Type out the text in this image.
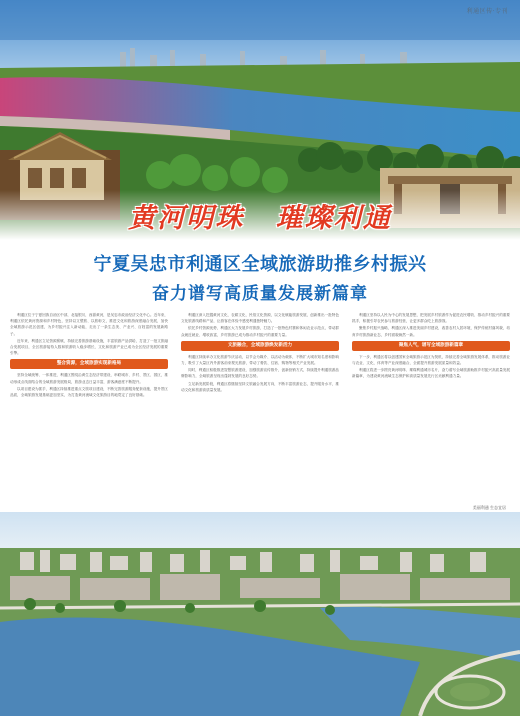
利通区传·专刊
黄河明珠 璀璨利通
宁夏吴忠市利通区全域旅游助推乡村振兴
奋力谱写高质量发展新篇章

利通区位于宁夏回族自治区中部，北接银川，西靠黄河，是吴忠市政治经济文化中心。近年来，利通区依托黄河资源和乡村特色，坚持以文塑旅、以旅彰文，推进文化和旅游深度融合发展，加快全域旅游示范区创建，为乡村振兴注入新动能，走出了一条生态美、产业兴、百姓富的发展新路子。

近年来，利通区立足资源禀赋，持续完善旅游基础设施，丰富旅游产品供给，打造了一批文旅融合发展项目，全区旅游接待人数和旅游收入稳步增长，文化和旅游产业已成为全区经济发展的重要引擎。

整合资源，全域旅游实现新格局

坚持全域统筹、一体推进，利通区围绕沿黄生态经济带建设，串联城市、乡村、景区、园区，推动形成点线面结合的全域旅游发展格局，旅游业态日益丰富，游客满意度不断提升。

以项目建设为抓手，利通区持续推进重点文旅项目建设，不断完善旅游服务配套设施，提升景区品质，全域旅游发展基础更加坚实，为打造黄河流域文化旅游目的地奠定了良好基础。

利通区深入挖掘黄河文化、农耕文化、民俗文化资源，以文化赋能旅游发展，创新推出一批特色文化旅游线路和产品，让游客在体验中感受利通独特魅力。

依托乡村资源优势，利通区大力发展乡村旅游，打造了一批特色村寨和休闲农业示范点，带动群众就近就业、增收致富，乡村旅游已成为推动乡村振兴的重要力量。

文旅融合，全域旅游焕发新活力

利通区持续举办文化旅游节庆活动，以节会为媒介、以活动为载体，不断扩大城市知名度和影响力，吸引了大量区内外游客前来观光旅游，带动了餐饮、住宿、购物等相关产业发展。

同时，利通区积极推进智慧旅游建设，加强旅游宣传推介，创新营销方式，持续提升利通旅游品牌影响力，全域旅游呈现出蓬勃发展的良好态势。

立足新发展阶段，利通区将继续坚持文旅融合发展方向，不断丰富旅游业态，提升服务水平，推动文化和旅游高质量发展。

利通区坚持以人民为中心的发展思想，把发展乡村旅游作为促进农民增收、推动乡村振兴的重要抓手，积极引导农民参与旅游经营，让更多群众吃上旅游饭。

聚焦乡村振兴战略，利通区深入推进美丽乡村建设，改善农村人居环境，保护传统村落风貌，培育乡村旅游新业态，乡村面貌焕然一新。

聚焦人气，谱写全域旅游新篇章

下一步，利通区将以创建国家全域旅游示范区为契机，持续完善全域旅游发展体系，推动旅游业与农业、文化、体育等产业深度融合，全面提升旅游发展质量和效益。

利通区将进一步擦亮黄河明珠、璀璨利通城市名片，奋力谱写全域旅游助推乡村振兴高质量发展新篇章，为建设黄河流域生态保护和高质量发展先行区贡献利通力量。

美丽利通 生态宜居
